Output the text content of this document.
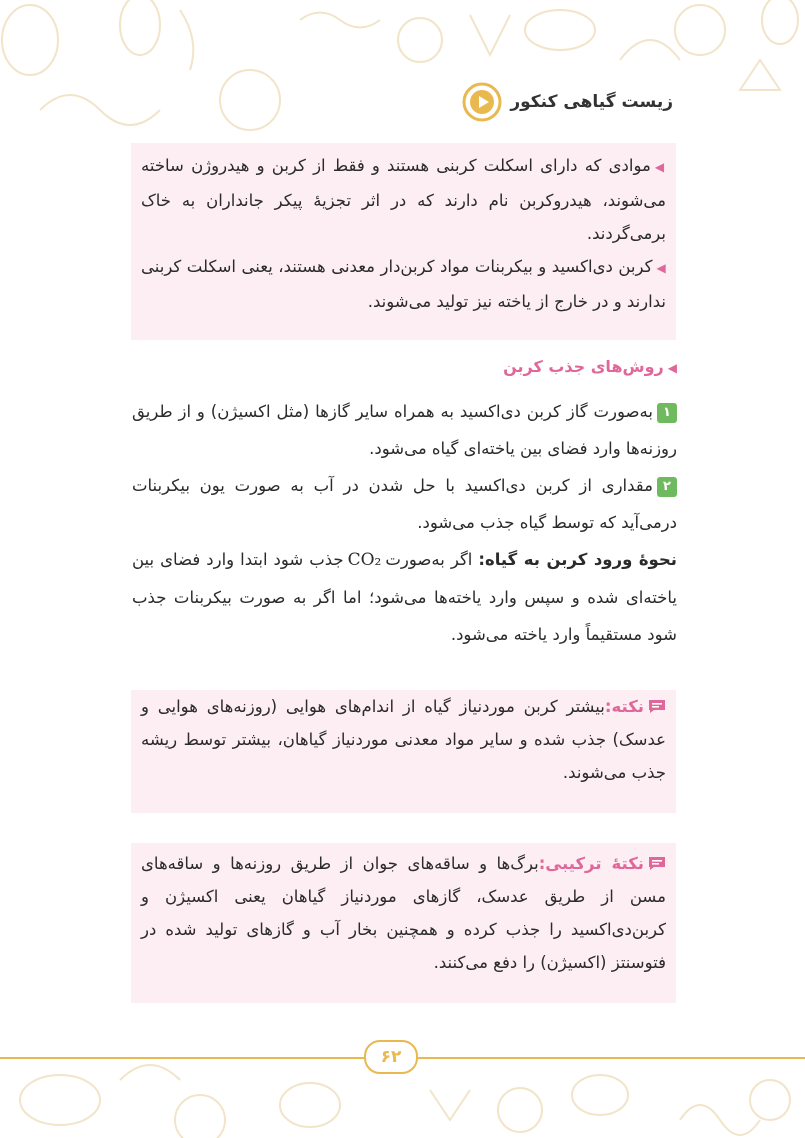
زیست گیاهی کنکور
◀موادی که دارای اسکلت کربنی هستند و فقط از کربن و هیدروژن ساخته می‌شوند، هیدروکربن نام دارند که در اثر تجزیهٔ پیکر جانداران به خاک برمی‌گردند.
◀کربن دی‌اکسید و بیکربنات مواد کربن‌دار معدنی هستند، یعنی اسکلت کربنی ندارند و در خارج از یاخته نیز تولید می‌شوند.
◀روش‌های جذب کربن
۱به‌صورت گاز کربن دی‌اکسید به همراه سایر گازها (مثل اکسیژن) و از طریق روزنه‌ها وارد فضای بین یاخته‌ای گیاه می‌شود.
۲مقداری از کربن دی‌اکسید با حل شدن در آب به صورت یون بیکربنات درمی‌آید که توسط گیاه جذب می‌شود.
نحوهٔ ورود کربن به گیاه: اگر به‌صورتCO₂جذب شود ابتدا وارد فضای بین یاخته‌ای شده و سپس وارد یاخته‌ها می‌شود؛ اما اگر به صورت بیکربنات جذب شود مستقیماً وارد یاخته می‌شود.
نکته:بیشتر کربن موردنیاز گیاه از اندام‌های هوایی (روزنه‌های هوایی و عدسک) جذب شده و سایر مواد معدنی موردنیاز گیاهان، بیشتر توسط ریشه جذب می‌شوند.
نکتهٔ ترکیبی:برگ‌ها و ساقه‌های جوان از طریق روزنه‌ها و ساقه‌های مسن از طریق عدسک، گازهای موردنیاز گیاهان یعنی اکسیژن و کربن‌دی‌اکسید را جذب کرده و همچنین بخار آب و گازهای تولید شده در فتوسنتز (اکسیژن) را دفع می‌کنند.
۶۲
